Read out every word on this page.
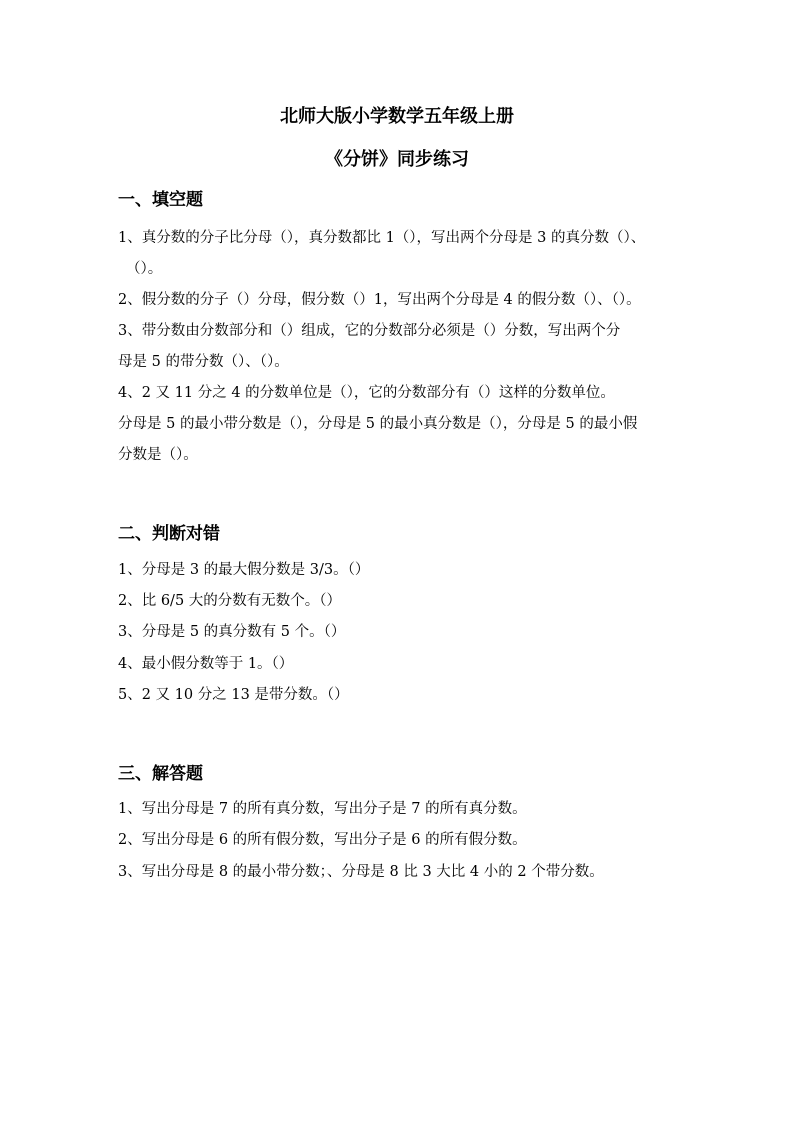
北师大版小学数学五年级上册
《分饼》同步练习
一、填空题
1、真分数的分子比分母（），真分数都比 1（），写出两个分母是 3 的真分数（）、
（）。
2、假分数的分子（）分母，假分数（）1，写出两个分母是 4 的假分数（）、（）。
3、带分数由分数部分和（）组成，它的分数部分必须是（）分数，写出两个分
母是 5 的带分数（）、（）。
4、2 又 11 分之 4 的分数单位是（），它的分数部分有（）这样的分数单位。
分母是 5 的最小带分数是（），分母是 5 的最小真分数是（），分母是 5 的最小假
分数是（）。
二、判断对错
1、分母是 3 的最大假分数是 3/3。（）
2、比 6/5 大的分数有无数个。（）
3、分母是 5 的真分数有 5 个。（）
4、最小假分数等于 1。（）
5、2 又 10 分之 13 是带分数。（）
三、解答题
1、写出分母是 7 的所有真分数，写出分子是 7 的所有真分数。
2、写出分母是 6 的所有假分数，写出分子是 6 的所有假分数。
3、写出分母是 8 的最小带分数；、分母是 8 比 3 大比 4 小的 2 个带分数。
